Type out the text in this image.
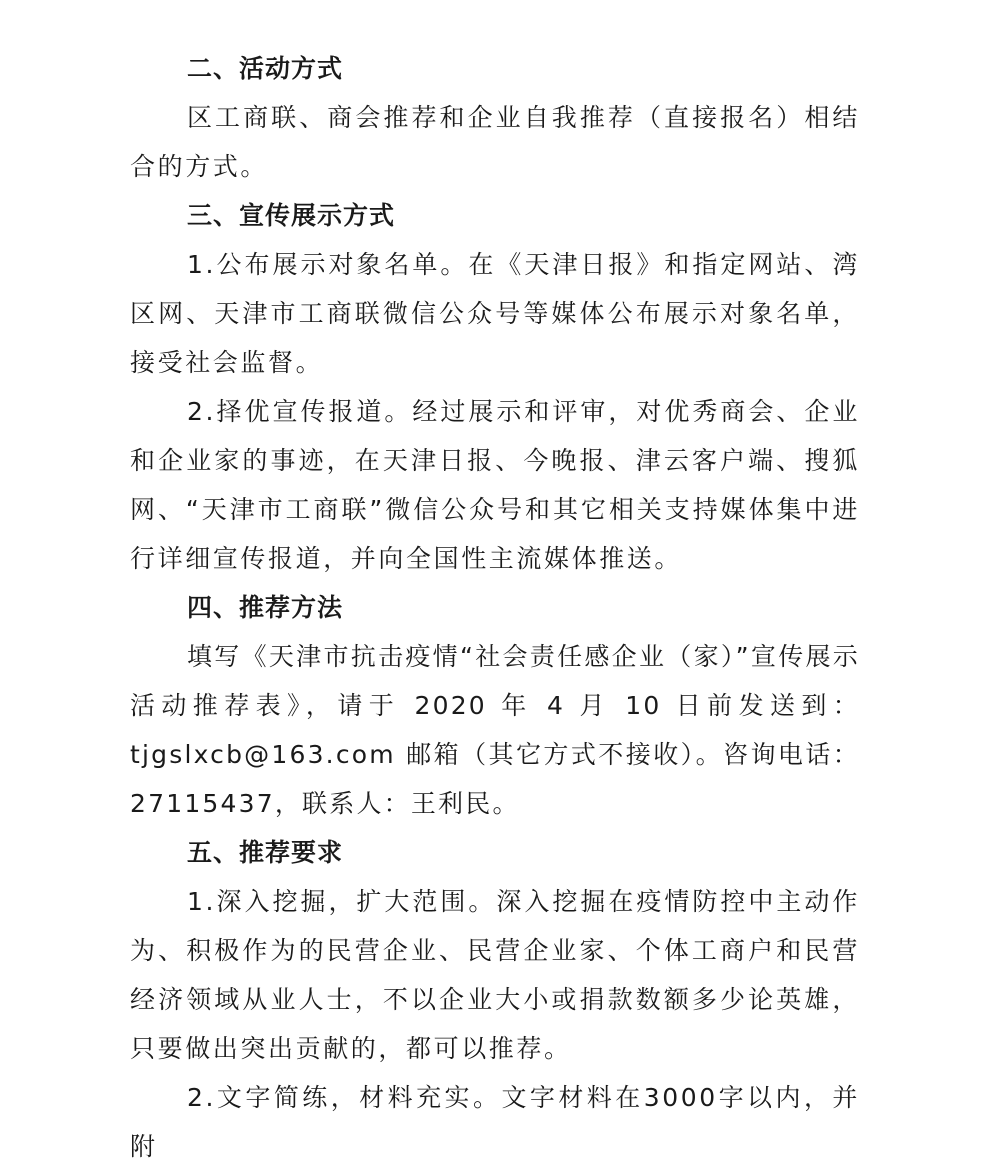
二、活动方式

区工商联、商会推荐和企业自我推荐（直接报名）相结合的方式。

三、宣传展示方式

1.公布展示对象名单。在《天津日报》和指定网站、湾区网、天津市工商联微信公众号等媒体公布展示对象名单，接受社会监督。

2.择优宣传报道。经过展示和评审，对优秀商会、企业和企业家的事迹，在天津日报、今晚报、津云客户端、搜狐网、“天津市工商联”微信公众号和其它相关支持媒体集中进行详细宣传报道，并向全国性主流媒体推送。

四、推荐方法

填写《天津市抗击疫情“社会责任感企业（家）”宣传展示活动推荐表》，请于 2020 年 4 月 10 日前发送到：tjgslxcb@163.com 邮箱（其它方式不接收）。咨询电话：27115437，联系人：王利民。

五、推荐要求

1.深入挖掘，扩大范围。深入挖掘在疫情防控中主动作为、积极作为的民营企业、民营企业家、个体工商户和民营经济领域从业人士，不以企业大小或捐款数额多少论英雄，只要做出突出贡献的，都可以推荐。

2.文字简练，材料充实。文字材料在3000字以内，并附
